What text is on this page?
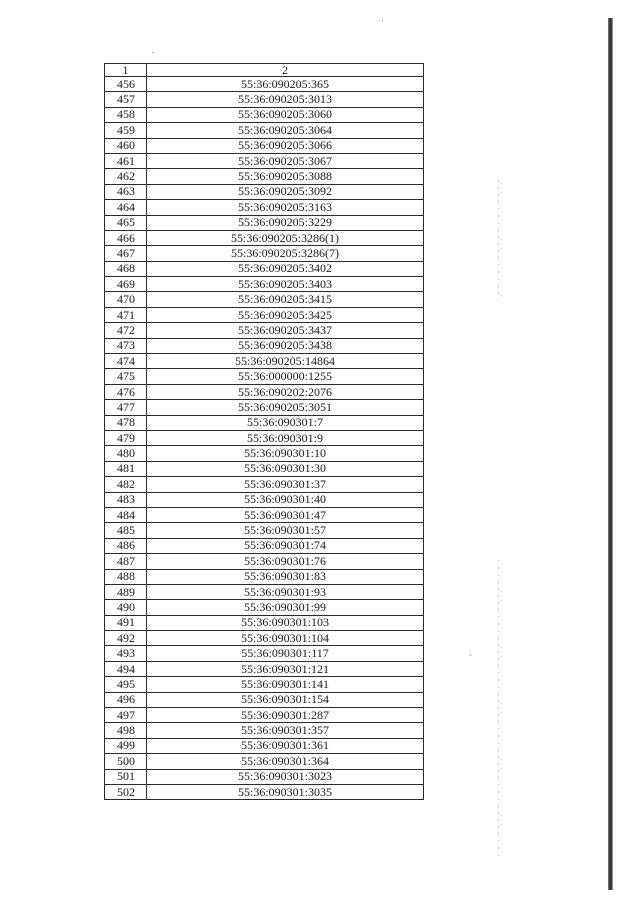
1	2
456	55:36:090205:365
457	55:36:090205:3013
458	55:36:090205:3060
459	55:36:090205:3064
460	55:36:090205:3066
461	55:36:090205:3067
462	55:36:090205:3088
463	55:36:090205:3092
464	55:36:090205:3163
465	55:36:090205:3229
466	55:36:090205:3286(1)
467	55:36:090205:3286(7)
468	55:36:090205:3402
469	55:36:090205:3403
470	55:36:090205:3415
471	55:36:090205:3425
472	55:36:090205:3437
473	55:36:090205:3438
474	55:36:090205:14864
475	55:36:000000:1255
476	55:36:090202:2076
477	55:36:090205:3051
478	55:36:090301:7
479	55:36:090301:9
480	55:36:090301:10
481	55:36:090301:30
482	55:36:090301:37
483	55:36:090301:40
484	55:36:090301:47
485	55:36:090301:57
486	55:36:090301:74
487	55:36:090301:76
488	55:36:090301:83
489	55:36:090301:93
490	55:36:090301:99
491	55:36:090301:103
492	55:36:090301:104
493	55:36:090301:117
494	55:36:090301:121
495	55:36:090301:141
496	55:36:090301:154
497	55:36:090301:287
498	55:36:090301:357
499	55:36:090301:361
500	55:36:090301:364
501	55:36:090301:3023
502	55:36:090301:3035
